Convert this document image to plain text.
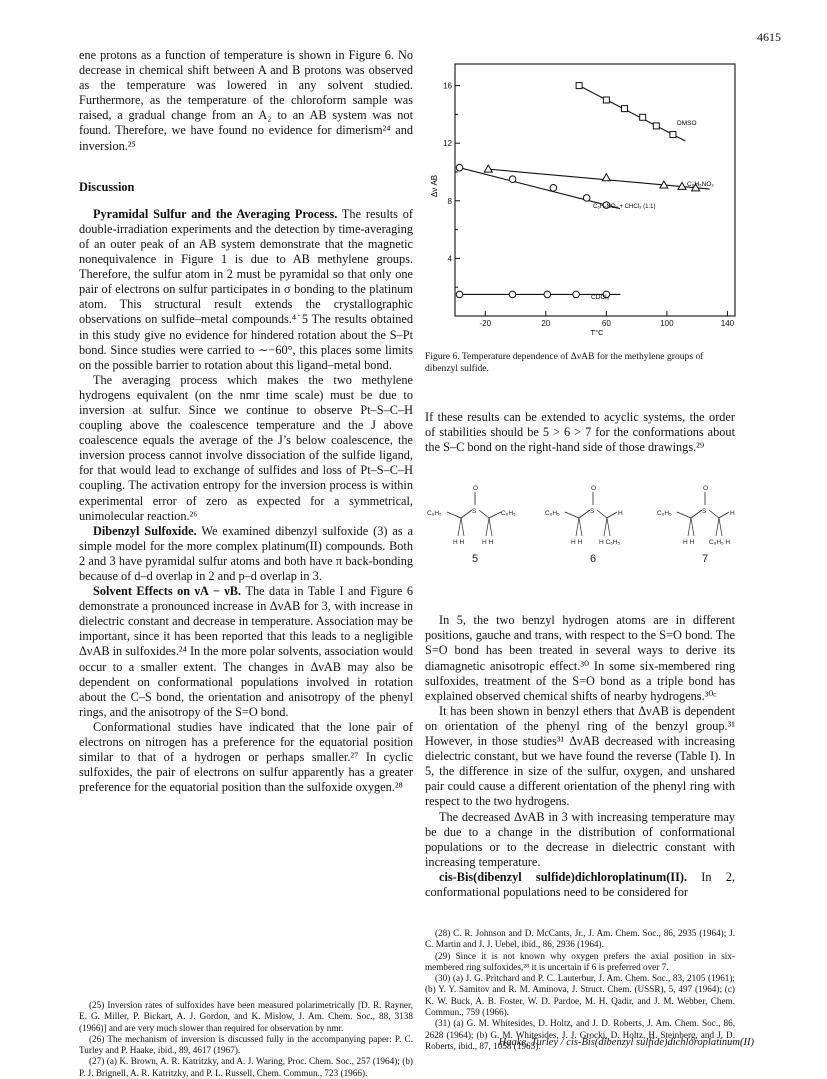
4615

ene protons as a function of temperature is shown in Figure 6. No decrease in chemical shift between A and B protons was observed as the temperature was lowered in any solvent studied. Furthermore, as the temperature of the chloroform sample was raised, a gradual change from an A₂ to an AB system was not found. Therefore, we have found no evidence for dimerism²⁴ and inversion.²⁵

Discussion

Pyramidal Sulfur and the Averaging Process. The results of double-irradiation experiments and the detection by time-averaging of an outer peak of an AB system demonstrate that the magnetic nonequivalence in Figure 1 is due to AB methylene groups. Therefore, the sulfur atom in 2 must be pyramidal so that only one pair of electrons on sulfur participates in σ bonding to the platinum atom. This structural result extends the crystallographic observations on sulfide–metal compounds.⁴˙5 The results obtained in this study give no evidence for hindered rotation about the S–Pt bond. Since studies were carried to ∼−60°, this places some limits on the possible barrier to rotation about this ligand–metal bond.

The averaging process which makes the two methylene hydrogens equivalent (on the nmr time scale) must be due to inversion at sulfur. Since we continue to observe Pt–S–C–H coupling above the coalescence temperature and the J above coalescence equals the average of the J’s below coalescence, the inversion process cannot involve dissociation of the sulfide ligand, for that would lead to exchange of sulfides and loss of Pt–S–C–H coupling. The activation entropy for the inversion process is within experimental error of zero as expected for a symmetrical, unimolecular reaction.²⁶

Dibenzyl Sulfoxide. We examined dibenzyl sulfoxide (3) as a simple model for the more complex platinum(II) compounds. Both 2 and 3 have pyramidal sulfur atoms and both have π back-bonding because of d–d overlap in 2 and p–d overlap in 3.

Solvent Effects on νΑ − νΒ. The data in Table I and Figure 6 demonstrate a pronounced increase in ΔνAB for 3, with increase in dielectric constant and decrease in temperature. Association may be important, since it has been reported that this leads to a negligible ΔνAB in sulfoxides.²⁴ In the more polar solvents, association would occur to a smaller extent. The changes in ΔνAB may also be dependent on conformational populations involved in rotation about the C–S bond, the orientation and anisotropy of the phenyl rings, and the anisotropy of the S=O bond.

Conformational studies have indicated that the lone pair of electrons on nitrogen has a preference for the equatorial position similar to that of a hydrogen or perhaps smaller.²⁷ In cyclic sulfoxides, the pair of electrons on sulfur apparently has a greater preference for the equatorial position than the sulfoxide oxygen.²⁸

(25) Inversion rates of sulfoxides have been measured polarimetrically [D. R. Rayner, E. G. Miller, P. Bickart, A. J. Gordon, and K. Mislow, J. Am. Chem. Soc., 88, 3138 (1966)] and are very much slower than required for observation by nmr.

(26) The mechanism of inversion is discussed fully in the accompanying paper: P. C. Turley and P. Haake, ibid., 89, 4617 (1967).

(27) (a) K. Brown, A. R. Katritzky, and A. J. Waring, Proc. Chem. Soc., 257 (1964); (b) P. J. Brignell, A. R. Katritzky, and P. L. Russell, Chem. Commun., 723 (1966).

-20	20	60	100	140
4
8
12
16
Δν AB
T°C
DMSO
C₆H₅NO₂
C₆H₅NO₂ + CHCl₃ (1:1)
CDCl₃
Figure 6. Temperature dependence of ΔνAB for the methylene groups of dibenzyl sulfide.
O
C₆H₅	S	C₆H₅
H H	H H
5
O
C₆H₅	S	H
H H	H C₆H₅
6
O
C₆H₅	S	H
H H C₆H₅ H
7

If these results can be extended to acyclic systems, the order of stabilities should be 5 > 6 > 7 for the conformations about the S–C bond on the right-hand side of those drawings.²⁹

In 5, the two benzyl hydrogen atoms are in different positions, gauche and trans, with respect to the S=O bond. The S=O bond has been treated in several ways to derive its diamagnetic anisotropic effect.³⁰ In some six-membered ring sulfoxides, treatment of the S=O bond as a triple bond has explained observed chemical shifts of nearby hydrogens.³⁰ᶜ

It has been shown in benzyl ethers that ΔνAB is dependent on orientation of the phenyl ring of the benzyl group.³¹ However, in those studies³¹ ΔνAB decreased with increasing dielectric constant, but we have found the reverse (Table I). In 5, the difference in size of the sulfur, oxygen, and unshared pair could cause a different orientation of the phenyl ring with respect to the two hydrogens.

The decreased ΔνAB in 3 with increasing temperature may be due to a change in the distribution of conformational populations or to the decrease in dielectric constant with increasing temperature.

cis-Bis(dibenzyl sulfide)dichloroplatinum(II). In 2, conformational populations need to be considered for

(28) C. R. Johnson and D. McCants, Jr., J. Am. Chem. Soc., 86, 2935 (1964); J. C. Martin and J. J. Uebel, ibid., 86, 2936 (1964).

(29) Since it is not known why oxygen prefers the axial position in six-membered ring sulfoxides,²⁸ it is uncertain if 6 is preferred over 7.

(30) (a) J. G. Pritchard and P. C. Lauterbur, J. Am. Chem. Soc., 83, 2105 (1961); (b) Y. Y. Samitov and R. M. Aminova, J. Struct. Chem. (USSR), 5, 497 (1964); (c) K. W. Buck, A. B. Foster, W. D. Pardoe, M. H. Qadir, and J. M. Webber, Chem. Commun., 759 (1966).

(31) (a) G. M. Whitesides, D. Holtz, and J. D. Roberts, J. Am. Chem. Soc., 86, 2628 (1964); (b) G. M. Whitesides, J. J. Grocki, D. Holtz, H. Steinberg, and J. D. Roberts, ibid., 87, 1058 (1965).

Haake, Turley / cis-Bis(dibenzyl sulfide)dichloroplatinum(II)
